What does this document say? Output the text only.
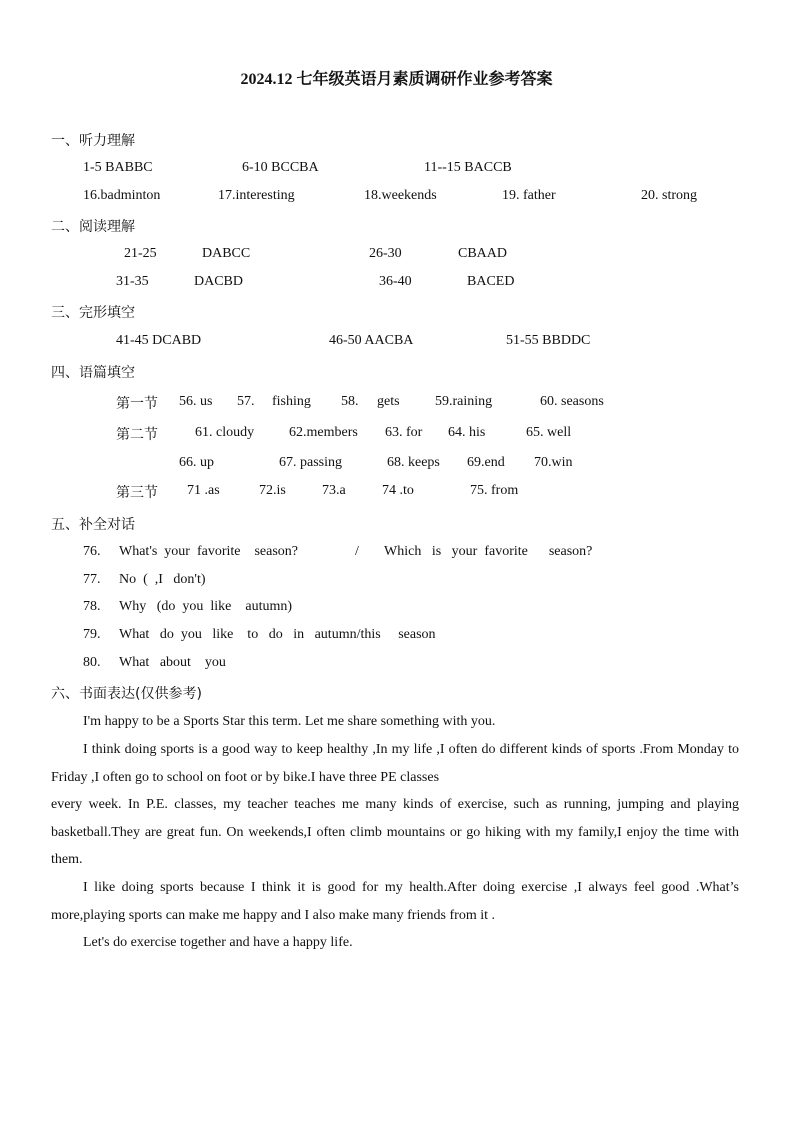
2024.12 七年级英语月素质调研作业参考答案
一、听力理解
1-5 BABBC	6-10 BCCBA	11--15 BACCB
16.badminton	17.interesting	18.weekends	19. father	20. strong
二、阅读理解
21-25	DABCC	26-30	CBAAD
31-35	DACBD	36-40	BACED
三、完形填空
41-45 DCABD	46-50 AACBA	51-55 BBDDC
四、语篇填空
第一节 56. us 57. fishing 58. gets	59.raining	60. seasons
第二节	61. cloudy 62.members 63. for 64. his	65. well
66. up	67. passing	68. keeps 69.end 70.win
第三节 71 .as	72.is	73.a	74 .to	75. from
五、补全对话
76. What's  your  favorite    season?	/ Which   is   your  favorite      season?
77. No  (  ,I   don't)
78. Why   (do  you  like    autumn)
79. What   do  you   like    to   do   in   autumn/this     season
80. What   about    you
六、书面表达(仅供参考)
I'm happy to be a Sports Star this term. Let me share something with you.
I think doing sports is a good way to keep healthy ,In my life ,I often do different kinds of sports .From Monday to Friday ,I often go to school on foot or by bike.I have three PE classes
every week. In P.E. classes, my teacher teaches me many kinds of exercise, such as running, jumping and playing basketball.They are great fun. On weekends,I often climb mountains or go hiking with my family,I enjoy the time with them.
I like doing sports because I think it is good for my health.After doing exercise ,I always feel good .What’s more,playing sports can make me happy and I also make many friends from it .
Let's do exercise together and have a happy life.
